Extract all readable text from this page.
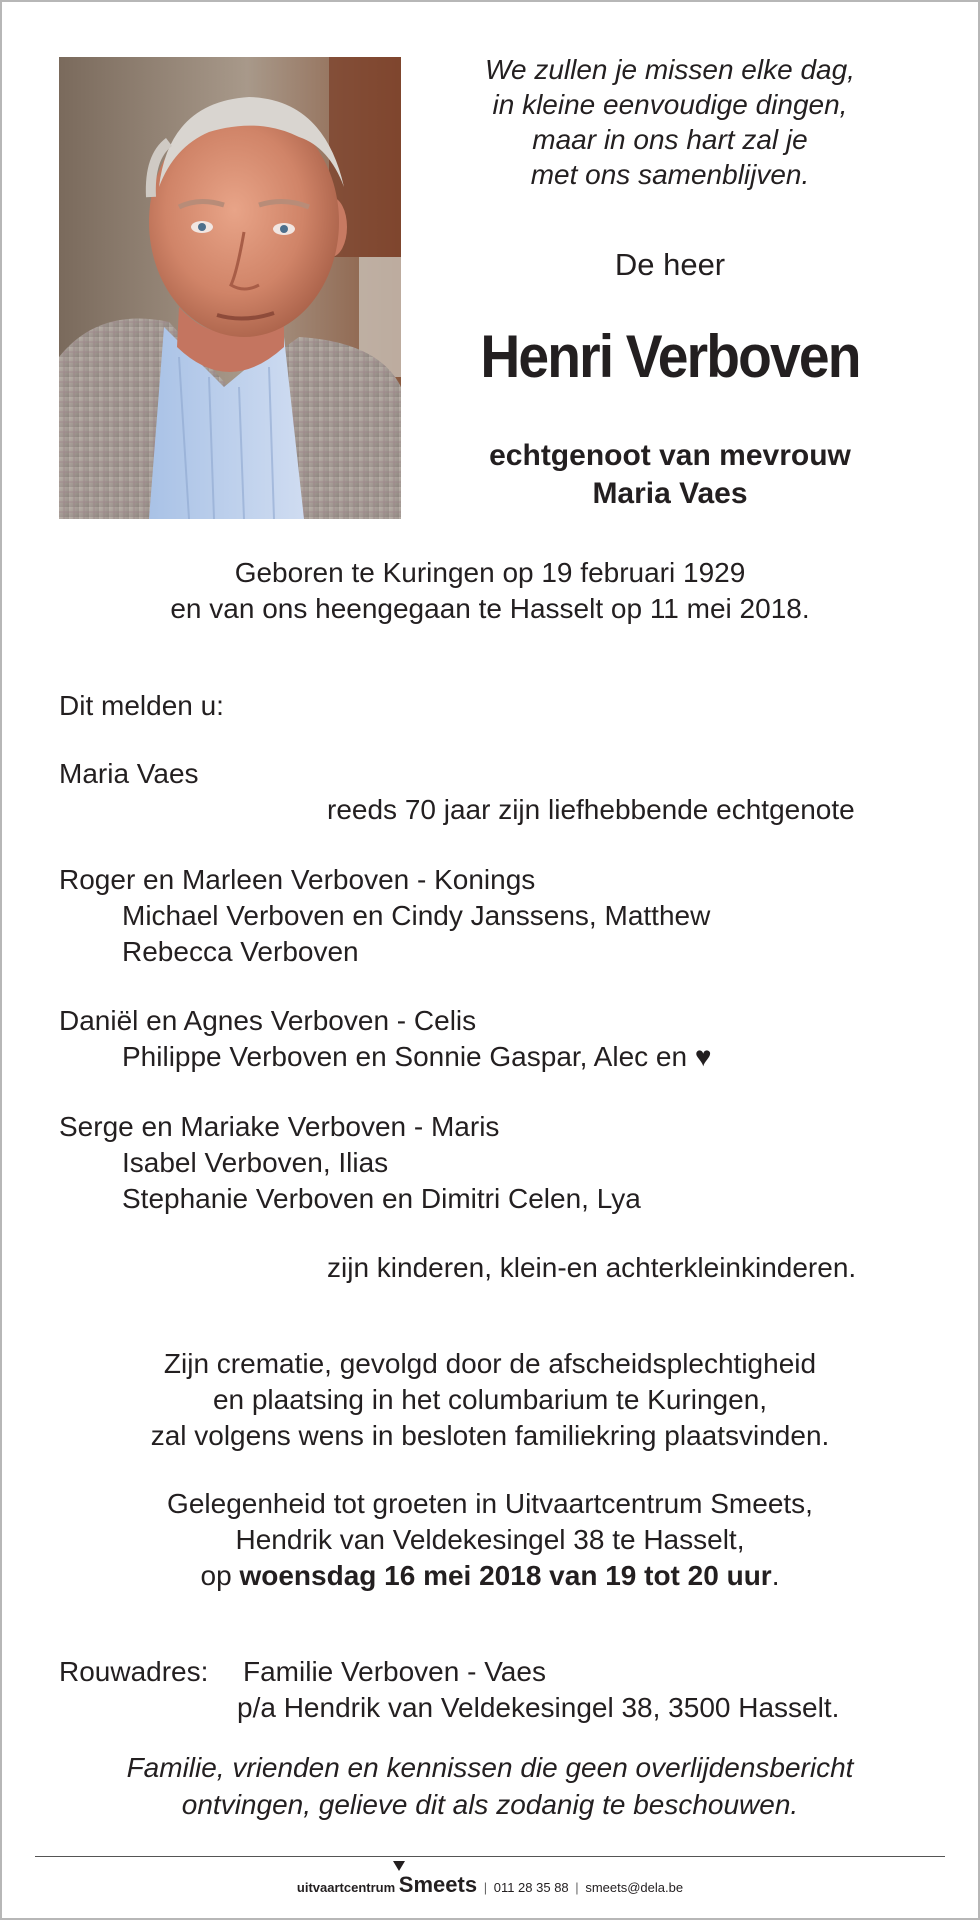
We zullen je missen elke dag,
in kleine eenvoudige dingen,
maar in ons hart zal je
met ons samenblijven.
De heer
Henri Verboven
echtgenoot van mevrouw
Maria Vaes
Geboren te Kuringen op 19 februari 1929
en van ons heengegaan te Hasselt op 11 mei 2018.
Dit melden u:
Maria Vaes
reeds 70 jaar zijn liefhebbende echtgenote
Roger en Marleen Verboven - Konings
Michael Verboven en Cindy Janssens, Matthew
Rebecca Verboven
Daniël en Agnes Verboven - Celis
Philippe Verboven en Sonnie Gaspar, Alec en ♥
Serge en Mariake Verboven - Maris
Isabel Verboven, Ilias
Stephanie Verboven en Dimitri Celen, Lya
zijn kinderen, klein-en achterkleinkinderen.
Zijn crematie, gevolgd door de afscheidsplechtigheid
en plaatsing in het columbarium te Kuringen,
zal volgens wens in besloten familiekring plaatsvinden.
Gelegenheid tot groeten in Uitvaartcentrum Smeets,
Hendrik van Veldekesingel 38 te Hasselt,
op woensdag 16 mei 2018 van 19 tot 20 uur.
Rouwadres: Familie Verboven - Vaes
p/a Hendrik van Veldekesingel 38, 3500 Hasselt.
Familie, vrienden en kennissen die geen overlijdensbericht
ontvingen, gelieve dit als zodanig te beschouwen.
uitvaartcentrum Smeets | 011 28 35 88 | smeets@dela.be
